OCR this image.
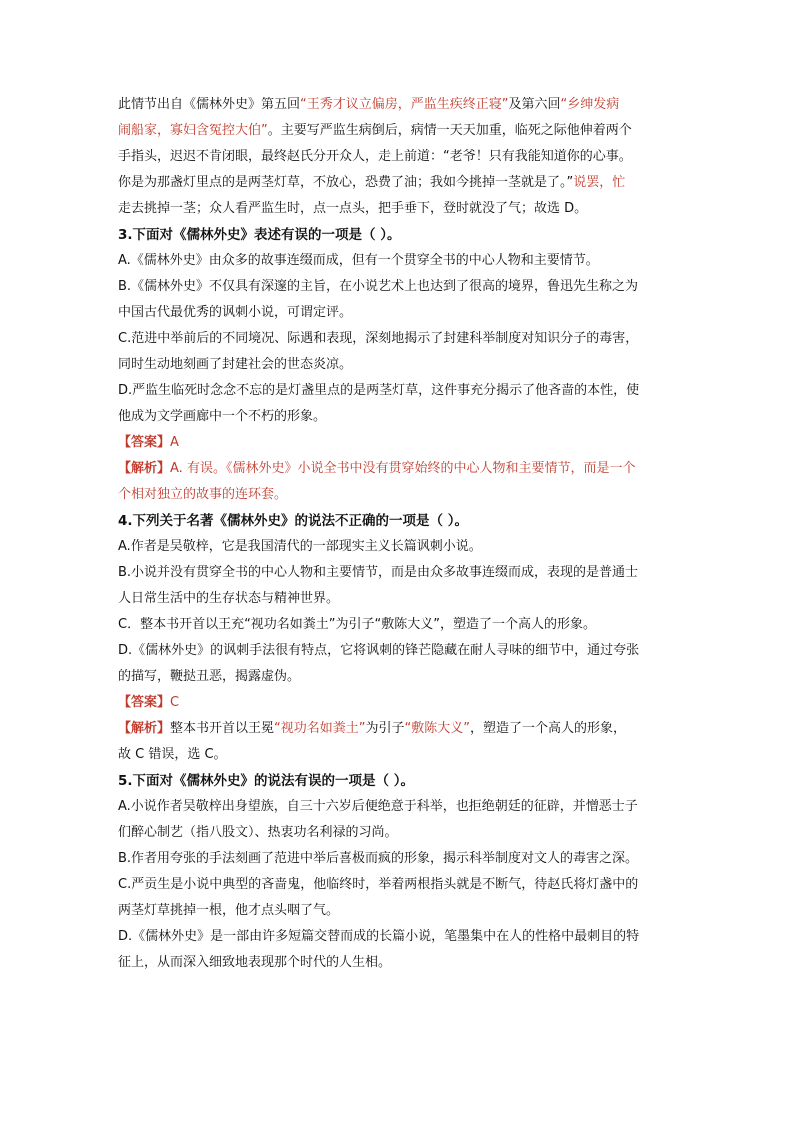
此情节出自《儒林外史》第五回“王秀才议立偏房，严监生疾终正寝”及第六回“乡绅发病

闹船家，寡妇含冤控大伯”。主要写严监生病倒后，病情一天天加重，临死之际他伸着两个

手指头，迟迟不肯闭眼，最终赵氏分开众人，走上前道：“老爷！只有我能知道你的心事。

你是为那盏灯里点的是两茎灯草，不放心，恐费了油；我如今挑掉一茎就是了。”说罢，忙

走去挑掉一茎；众人看严监生时，点一点头，把手垂下，登时就没了气；故选 D。

3.下面对《儒林外史》表述有误的一项是（ ）。

A.《儒林外史》由众多的故事连缀而成，但有一个贯穿全书的中心人物和主要情节。

B.《儒林外史》不仅具有深邃的主旨，在小说艺术上也达到了很高的境界，鲁迅先生称之为

中国古代最优秀的讽刺小说，可谓定评。

C.范进中举前后的不同境况、际遇和表现，深刻地揭示了封建科举制度对知识分子的毒害，

同时生动地刻画了封建社会的世态炎凉。

D.严监生临死时念念不忘的是灯盏里点的是两茎灯草，这件事充分揭示了他吝啬的本性，使

他成为文学画廊中一个不朽的形象。

【答案】A

【解析】A. 有误。《儒林外史》小说全书中没有贯穿始终的中心人物和主要情节，而是一个

个相对独立的故事的连环套。

4.下列关于名著《儒林外史》的说法不正确的一项是（ ）。

A.作者是吴敬梓，它是我国清代的一部现实主义长篇讽刺小说。

B.小说并没有贯穿全书的中心人物和主要情节，而是由众多故事连缀而成，表现的是普通士

人日常生活中的生存状态与精神世界。

C．整本书开首以王充“视功名如粪土”为引子“敷陈大义”，塑造了一个高人的形象。

D.《儒林外史》的讽刺手法很有特点，它将讽刺的锋芒隐藏在耐人寻味的细节中，通过夸张

的描写，鞭挞丑恶，揭露虚伪。

【答案】C

【解析】整本书开首以王冕“视功名如粪土”为引子“敷陈大义”，塑造了一个高人的形象，

故 C 错误，选 C。

5.下面对《儒林外史》的说法有误的一项是（ ）。

A.小说作者吴敬梓出身望族，自三十六岁后便绝意于科举，也拒绝朝廷的征辟，并憎恶士子

们醉心制艺（指八股文）、热衷功名利禄的习尚。

B.作者用夸张的手法刻画了范进中举后喜极而疯的形象，揭示科举制度对文人的毒害之深。

C.严贡生是小说中典型的吝啬鬼，他临终时，举着两根指头就是不断气，待赵氏将灯盏中的

两茎灯草挑掉一根，他才点头咽了气。

D.《儒林外史》是一部由许多短篇交替而成的长篇小说，笔墨集中在人的性格中最刺目的特

征上，从而深入细致地表现那个时代的人生相。
